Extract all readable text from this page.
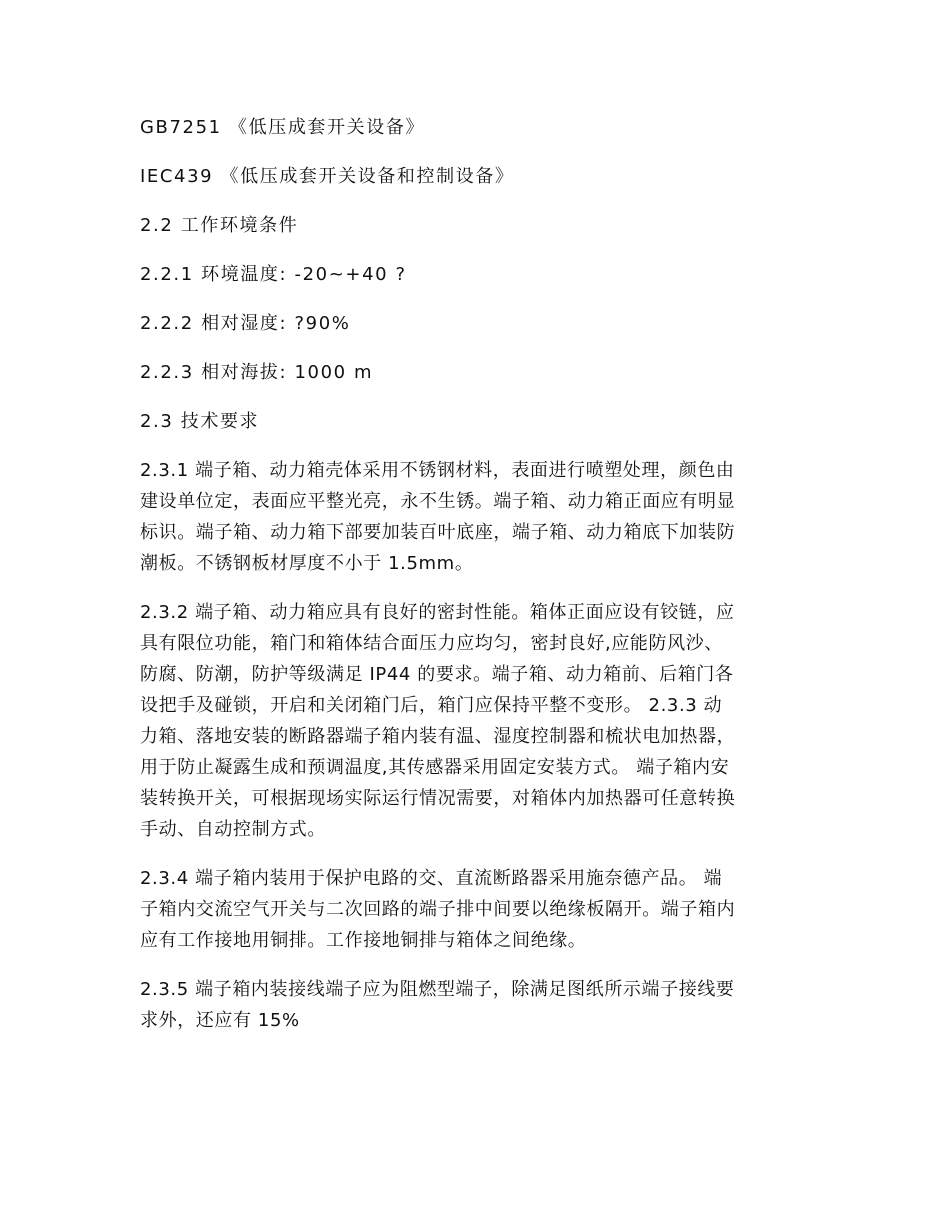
GB7251 《低压成套开关设备》
IEC439 《低压成套开关设备和控制设备》
2.2 工作环境条件
2.2.1 环境温度: -20~+40 ?
2.2.2 相对湿度: ?90%
2.2.3 相对海拔: 1000 m
2.3 技术要求
2.3.1 端子箱、动力箱壳体采用不锈钢材料，表面进行喷塑处理，颜色由
建设单位定，表面应平整光亮，永不生锈。端子箱、动力箱正面应有明显
标识。端子箱、动力箱下部要加装百叶底座，端子箱、动力箱底下加装防
潮板。不锈钢板材厚度不小于 1.5mm。
2.3.2 端子箱、动力箱应具有良好的密封性能。箱体正面应设有铰链，应
具有限位功能，箱门和箱体结合面压力应均匀，密封良好,应能防风沙、
防腐、防潮，防护等级满足 IP44 的要求。端子箱、动力箱前、后箱门各
设把手及碰锁，开启和关闭箱门后，箱门应保持平整不变形。 2.3.3 动
力箱、落地安装的断路器端子箱内装有温、湿度控制器和梳状电加热器，
用于防止凝露生成和预调温度,其传感器采用固定安装方式。 端子箱内安
装转换开关，可根据现场实际运行情况需要，对箱体内加热器可任意转换
手动、自动控制方式。
2.3.4 端子箱内装用于保护电路的交、直流断路器采用施奈德产品。 端
子箱内交流空气开关与二次回路的端子排中间要以绝缘板隔开。端子箱内
应有工作接地用铜排。工作接地铜排与箱体之间绝缘。
2.3.5 端子箱内装接线端子应为阻燃型端子，除满足图纸所示端子接线要
求外，还应有 15%
